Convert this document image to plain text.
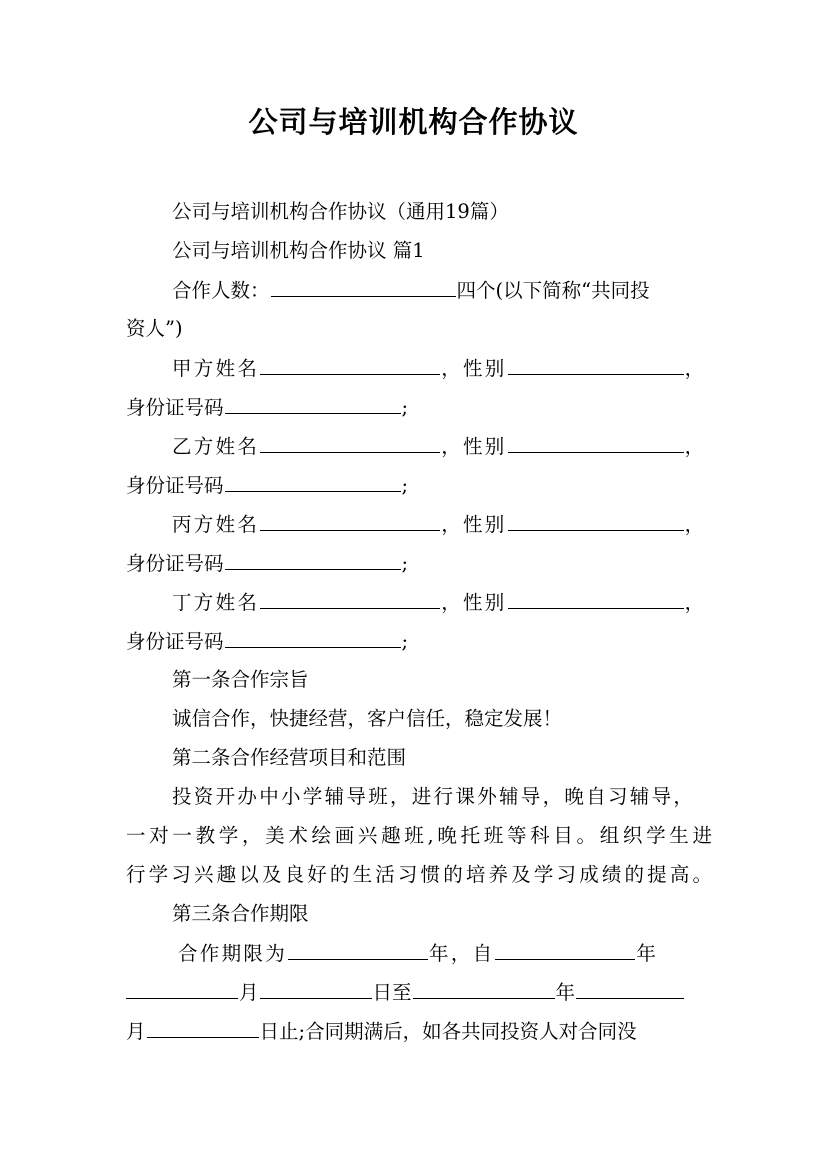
公司与培训机构合作协议
公司与培训机构合作协议（通用19篇）
公司与培训机构合作协议 篇1
合作人数：	四个(以下简称“共同投
资人”)
甲方姓名	，性别	，
身份证号码	;
乙方姓名	，性别	，
身份证号码	;
丙方姓名	，性别	，
身份证号码	;
丁方姓名	，性别	，
身份证号码	;
第一条合作宗旨
诚信合作，快捷经营，客户信任，稳定发展！
第二条合作经营项目和范围
投资开办中小学辅导班，进行课外辅导，晚自习辅导，
一对一教学，美术绘画兴趣班,晚托班等科目。组织学生进
行学习兴趣以及良好的生活习惯的培养及学习成绩的提高。
第三条合作期限
合作期限为	年，自	年
月	日至	年
月	日止;合同期满后，如各共同投资人对合同没
